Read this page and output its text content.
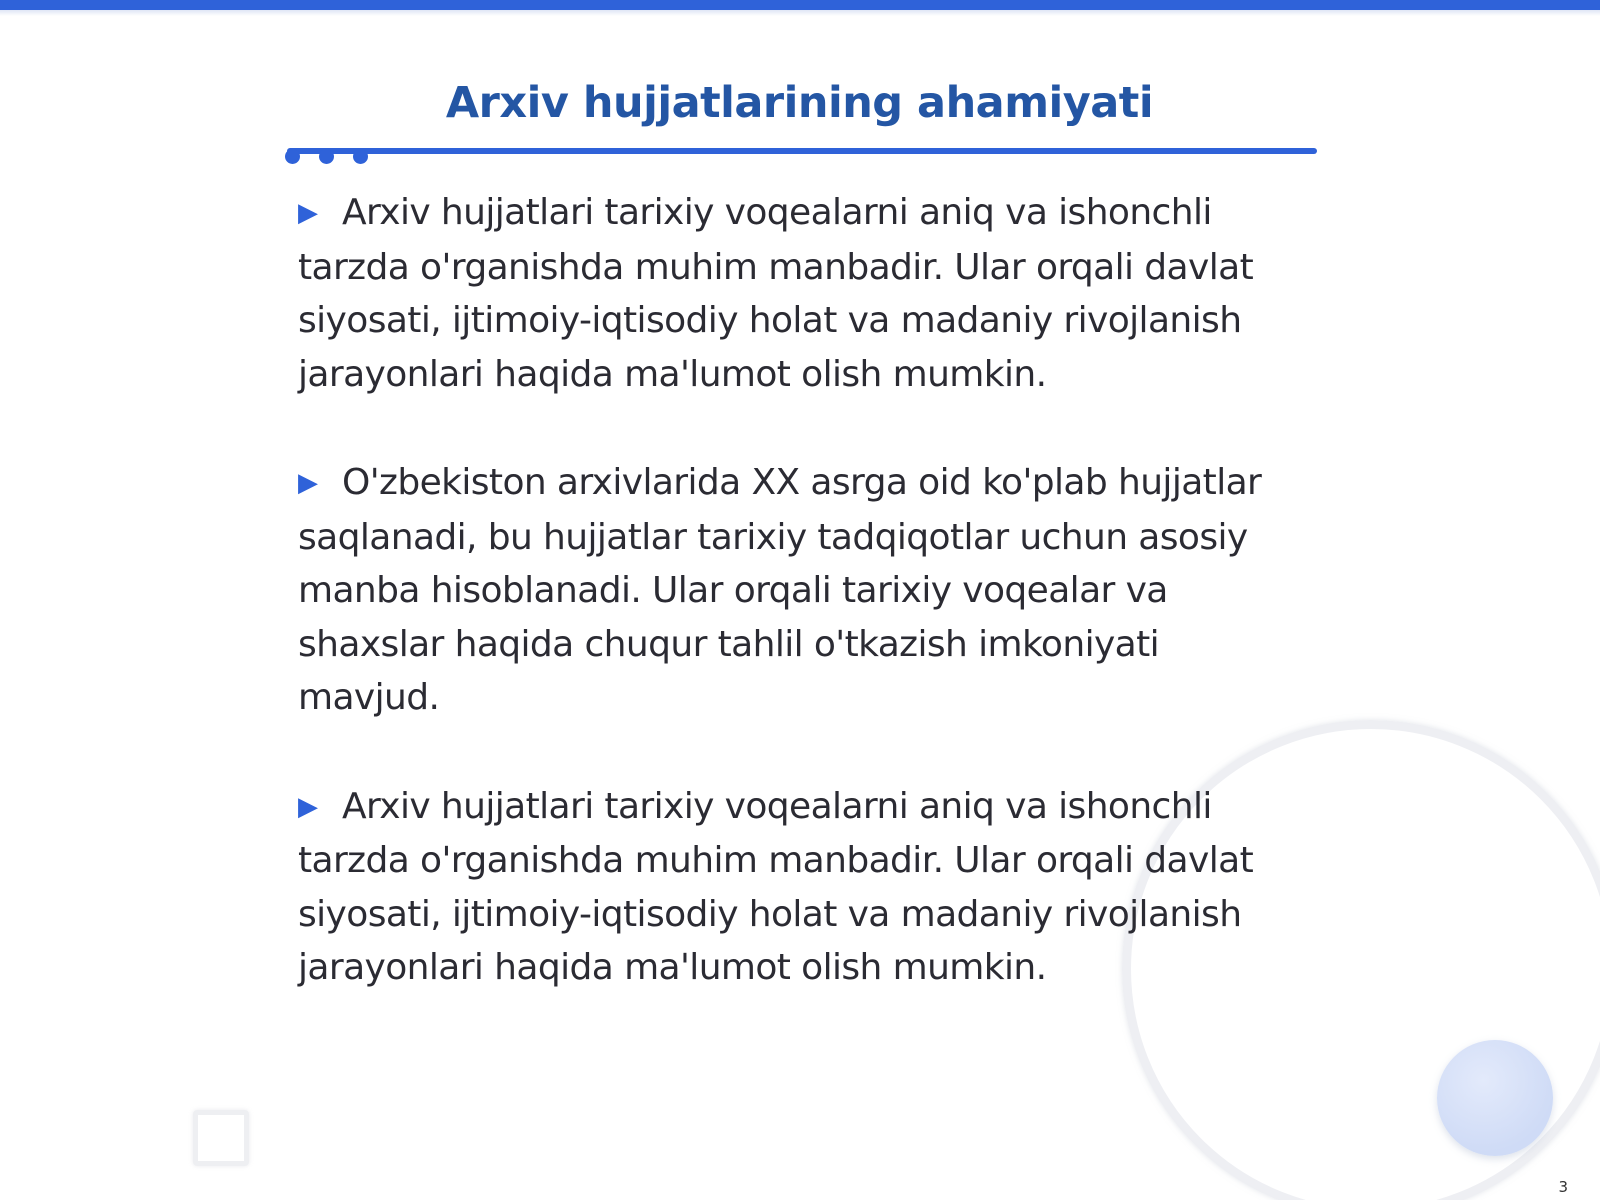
Arxiv hujjatlarining ahamiyati

▶ Arxiv hujjatlari tarixiy voqealarni aniq va ishonchli tarzda o'rganishda muhim manbadir. Ular orqali davlat siyosati, ijtimoiy-iqtisodiy holat va madaniy rivojlanish jarayonlari haqida ma'lumot olish mumkin.

▶ O'zbekiston arxivlarida XX asrga oid ko'plab hujjatlar saqlanadi, bu hujjatlar tarixiy tadqiqotlar uchun asosiy manba hisoblanadi. Ular orqali tarixiy voqealar va shaxslar haqida chuqur tahlil o'tkazish imkoniyati mavjud.

▶ Arxiv hujjatlari tarixiy voqealarni aniq va ishonchli tarzda o'rganishda muhim manbadir. Ular orqali davlat siyosati, ijtimoiy-iqtisodiy holat va madaniy rivojlanish jarayonlari haqida ma'lumot olish mumkin.

3
